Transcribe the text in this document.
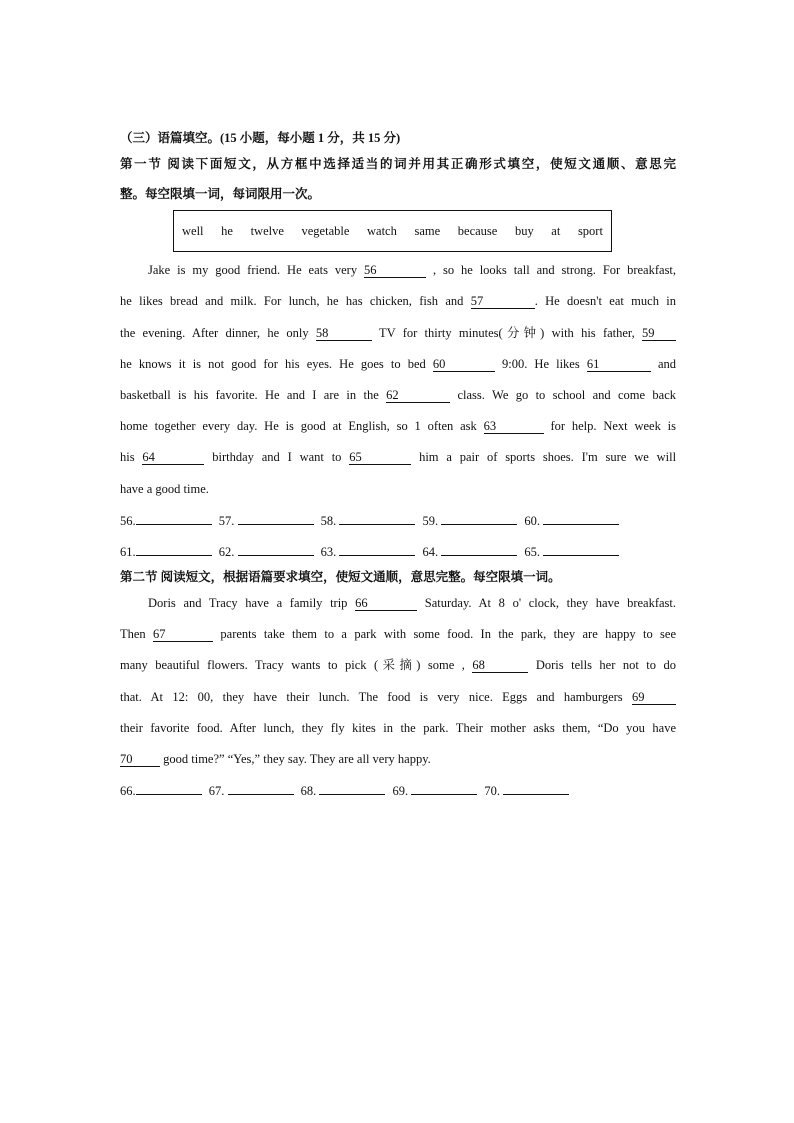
（三）语篇填空。(15 小题，每小题 1 分，共 15 分)
第一节 阅读下面短文，从方框中选择适当的词并用其正确形式填空，使短文通顺、意思完
整。每空限填一词，每词限用一次。
well he twelve vegetable watch same because buy at sport
Jake is my good friend. He eats very 56	, so he looks tall and strong. For breakfast,
he likes bread and milk. For lunch, he has chicken, fish and 57	. He doesn't eat much in
the evening. After dinner, he only 58	TV for thirty minutes(分钟) with his father, 59
he knows it is not good for his eyes. He goes to bed 60	9:00. He likes 61	and
basketball is his favorite. He and I are in the 62	class. We go to school and come back
home together every day. He is good at English, so 1 often ask 63	for help. Next week is
his 64	birthday and I want to 65	him a pair of sports shoes. I'm sure we will
have a good time.
56.	57.	58.	59.	60.
61.	62.	63.	64.	65.
第二节 阅读短文，根据语篇要求填空，使短文通顺，意思完整。每空限填一词。
Doris and Tracy have a family trip 66	Saturday. At 8 o' clock, they have breakfast.
Then 67	parents take them to a park with some food. In the park, they are happy to see
many beautiful flowers. Tracy wants to pick (采摘) some , 68	Doris tells her not to do
that. At 12: 00, they have their lunch. The food is very nice. Eggs and hamburgers 69
their favorite food. After lunch, they fly kites in the park. Their mother asks them, “Do you have
70 good time?” “Yes,” they say. They are all very happy.
66.	67.	68.	69.	70.
